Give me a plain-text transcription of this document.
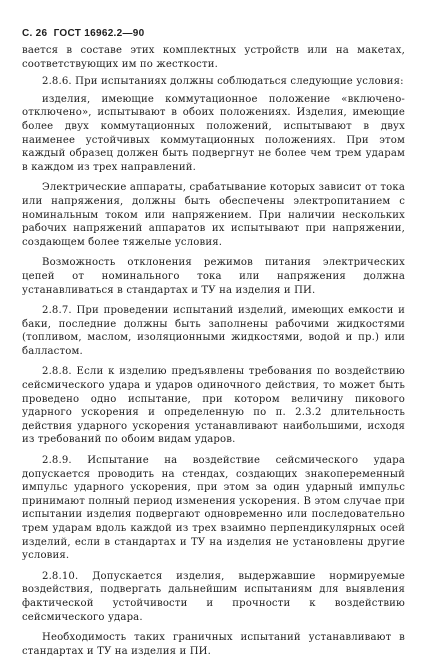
С. 26 ГОСТ 16962.2—90

вается в составе этих комплектных устройств или на макетах, соответствующих им по жесткости.

2.8.6. При испытаниях должны соблюдаться следующие условия:

изделия, имеющие коммутационное положение «включено-отключено», испытывают в обоих положениях. Изделия, имеющие более двух коммутационных положений, испытывают в двух наименее устойчивых коммутационных положениях. При этом каждый образец должен быть подвергнут не более чем трем ударам в каждом из трех направлений.

Электрические аппараты, срабатывание которых зависит от тока или напряжения, должны быть обеспечены электропитанием с номинальным током или напряжением. При наличии нескольких рабочих напряжений аппаратов их испытывают при напряжении, создающем более тяжелые условия.

Возможность отклонения режимов питания электрических цепей от номинального тока или напряжения должна устанавливаться в стандартах и ТУ на изделия и ПИ.

2.8.7. При проведении испытаний изделий, имеющих емкости и баки, последние должны быть заполнены рабочими жидкостями (топливом, маслом, изоляционными жидкостями, водой и пр.) или балластом.

2.8.8. Если к изделию предъявлены требования по воздействию сейсмического удара и ударов одиночного действия, то может быть проведено одно испытание, при котором величину пикового ударного ускорения и определенную по п. 2.3.2 длительность действия ударного ускорения устанавливают наибольшими, исходя из требований по обоим видам ударов.

2.8.9. Испытание на воздействие сейсмического удара допускается проводить на стендах, создающих знакопеременный импульс ударного ускорения, при этом за один ударный импульс принимают полный период изменения ускорения. В этом случае при испытании изделия подвергают одновременно или последовательно трем ударам вдоль каждой из трех взаимно перпендикулярных осей изделий, если в стандартах и ТУ на изделия не установлены другие условия.

2.8.10. Допускается изделия, выдержавшие нормируемые воздействия, подвергать дальнейшим испытаниям для выявления фактической устойчивости и прочности к воздействию сейсмического удара.

Необходимость таких граничных испытаний устанавливают в стандартах и ТУ на изделия и ПИ.
